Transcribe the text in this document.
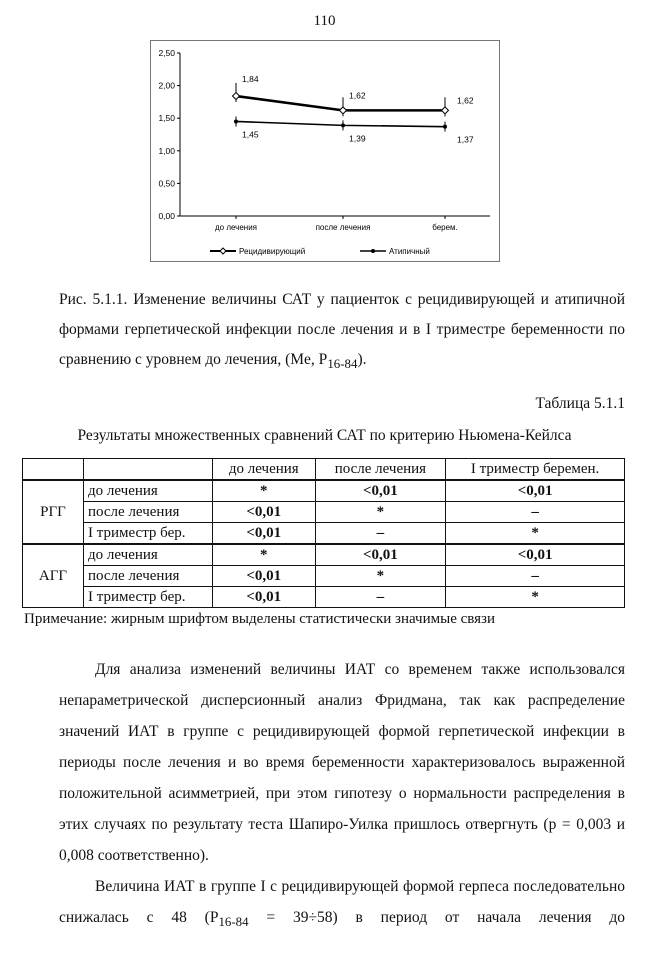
110
0,00
0,50
1,00
1,50
2,00
2,50
до лечения	после лечения	берем.
1,84
1,62	1,62
1,45	1,39	1,37
Рецидивирующий	Атипичный
Рис. 5.1.1. Изменение величины САТ у пациенток с рецидивирующей и атипичной формами герпетической инфекции после лечения и в I триместре беременности по сравнению с уровнем до лечения, (Me, $P_{16-84}$).
Таблица 5.1.1
Результаты множественных сравнений САТ по критерию Ньюмена-Кейлса
		до лечения	после лечения	I триместр беремен.
РГГ	до лечения	*	<0,01	<0,01
	после лечения	<0,01	*	–
	I триместр бер.	<0,01	–	*
АГГ	до лечения	*	<0,01	<0,01
	после лечения	<0,01	*	–
	I триместр бер.	<0,01	–	*
Примечание: жирным шрифтом выделены статистически значимые связи

Для анализа изменений величины ИАТ со временем также использовался непараметрической дисперсионный анализ Фридмана, так как распределение значений ИАТ в группе с рецидивирующей формой герпетической инфекции в периоды после лечения и во время беременности характеризовалось выраженной положительной асимметрией, при этом гипотезу о нормальности распределения в этих случаях по результату теста Шапиро-Уилка пришлось отвергнуть (p = 0,003 и 0,008 соответственно).

Величина ИАТ в группе I с рецидивирующей формой герпеса последовательно снижалась с 48 $(P_{16-84} = 39\div 58)$ в период от начала лечения до
